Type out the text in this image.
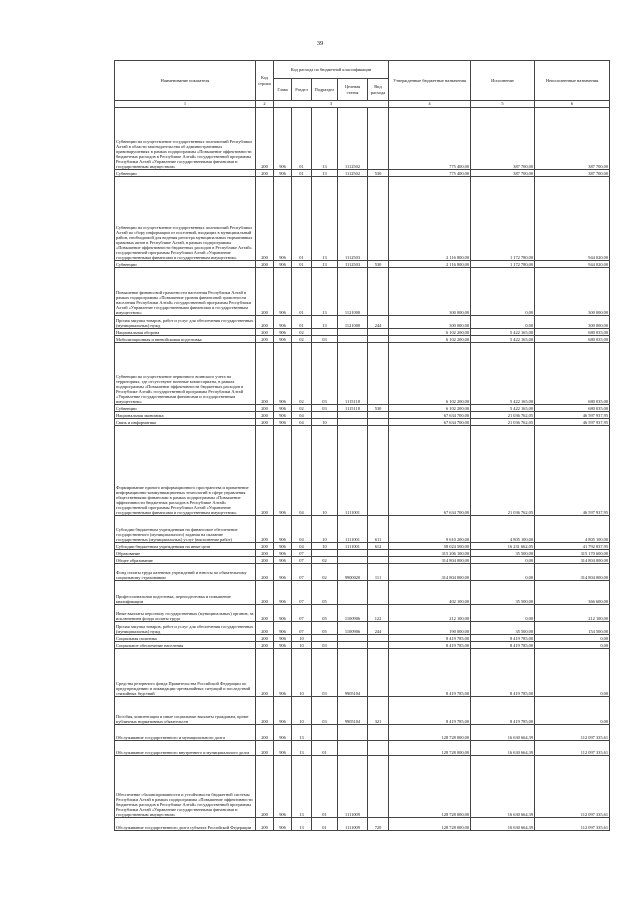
39
Наименование показателя	Код строки	Код расхода по бюджетной классификации					Утвержденные бюджетные назначения	Исполнение	Неисполненные назначения
		Глава	Раздел	Подраздел	Целевая статья	Вид расхода			
1	2	3					4	5	6
Субвенции на осуществление государственных полномочий Республики Алтай в области законодательства об административных правонарушениях в рамках подпрограммы «Повышение эффективности бюджетных расходов в Республике Алтай» государственной программы Республики Алтай «Управление государственными финансами и государственным имуществом»	200	906	01	13	1112502		775 400,00	387 700,00	387 700,00
Субвенции	200	906	01	13	1112502	530	775 400,00	387 700,00	387 700,00
Субвенции на осуществление государственных полномочий Республики Алтай по сбору информации от поселений, входящих в муниципальный район, необходимой для ведения регистра муниципальных нормативных правовых актов в Республике Алтай, в рамках подпрограммы «Повышение эффективности бюджетных расходов в Республике Алтай» государственной программы Республики Алтай «Управление государственными финансами и государственным имуществом»	200	906	01	13	1112503		2 116 800,00	1 172 780,00	944 020,00
Субвенции	200	906	01	13	1112503	530	2 116 800,00	1 172 780,00	944 020,00
Повышение финансовой грамотности населения Республики Алтай в рамках подпрограммы «Повышение уровня финансовой грамотности населения Республики Алтай» государственной программы Республики Алтай «Управление государственными финансами и государственным имуществом»	200	906	01	13	1121000		300 000,00	0,00	300 000,00
Прочая закупка товаров, работ и услуг для обеспечения государственных (муниципальных) нужд	200	906	01	13	1121000	244	300 000,00	0,00	300 000,00
Национальная оборона	200	906	02				6 102 200,00	5 422 165,00	680 035,00
Мобилизационная и вневойсковая подготовка	200	906	02	03			6 102 200,00	5 422 165,00	680 035,00
Субвенции на осуществление первичного воинского учета на территориях, где отсутствуют военные комиссариаты, в рамках подпрограммы «Повышение эффективности бюджетных расходов в Республике Алтай» государственной программы Республики Алтай «Управление государственными финансами и государственным имуществом»	200	906	02	03	1115118		6 102 200,00	5 422 165,00	680 035,00
Субвенции	200	906	02	03	1115118	530	6 102 200,00	5 422 165,00	680 035,00
Национальная экономика	200	906	04				67 634 700,00	21 036 762,05	46 597 937,95
Связь и информатика	200	906	04	10			67 634 700,00	21 036 762,05	46 597 937,95
Формирование единого информационного пространства и применение информационно-коммуникационных технологий в сфере управления общественными финансами в рамках подпрограммы «Повышение эффективности бюджетных расходов в Республике Алтай» государственной программы Республики Алтай «Управление государственными финансами и государственным имуществом»	200	906	04	10	1111001		67 634 700,00	21 036 762,05	46 597 937,95
Субсидии бюджетным учреждениям на финансовое обеспечение государственного (муниципального) задания на оказание государственных (муниципальных) услуг (выполнение работ)	200	906	04	10	1111001	611	9 610 200,00	4 805 100,00	4 805 100,00
Субсидии бюджетным учреждениям на иные цели	200	906	04	10	1111001	612	58 024 500,00	16 231 662,05	41 792 837,95
Образование	200	906	07				315 206 100,00	35 500,00	315 170 600,00
Общее образование	200	906	07	02			314 804 000,00	0,00	314 804 000,00
Фонд оплаты труда казенных учреждений и взносы по обязательному социальному страхованию	200	906	07	02	9900020	111	314 804 000,00	0,00	314 804 000,00
Профессиональная подготовка, переподготовка и повышение квалификации	200	906	07	05			402 100,00	35 500,00	366 600,00
Иные выплаты персоналу государственных (муниципальных) органов, за исключением фонда оплаты труда	200	906	07	05	1100906	122	212 100,00	0,00	212 100,00
Прочая закупка товаров, работ и услуг для обеспечения государственных (муниципальных) нужд	200	906	07	05	1100906	244	190 000,00	35 500,00	154 500,00
Социальная политика	200	906	10				8 419 785,00	8 419 785,00	0,00
Социальное обеспечение населения	200	906	10	03			8 419 785,00	8 419 785,00	0,00
Средства резервного фонда Правительства Российской Федерации по предупреждению и ликвидации чрезвычайных ситуаций и последствий стихийных бедствий	200	906	10	03	9905104		8 419 785,00	8 419 785,00	0,00
Пособия, компенсации и иные социальные выплаты гражданам, кроме публичных нормативных обязательств	200	906	10	03	9905104	321	8 419 785,00	8 419 785,00	0,00
Обслуживание государственного и муниципального долга	200	906	13				128 728 000,00	16 630 664,39	112 097 335,61
Обслуживание государственного внутреннего и муниципального долга	200	906	13	01			128 728 000,00	16 630 664,39	112 097 335,61
Обеспечение сбалансированности и устойчивости бюджетной системы Республики Алтай в рамках подпрограммы «Повышение эффективности бюджетных расходов в Республике Алтай» государственной программы Республики Алтай «Управление государственными финансами и государственным имуществом»	200	906	13	01	1111009		128 728 000,00	16 630 664,39	112 097 335,61
Обслуживание государственного долга субъекта Российской Федерации	200	906	13	01	1111009	720	128 728 000,00	16 630 664,39	112 097 335,61
